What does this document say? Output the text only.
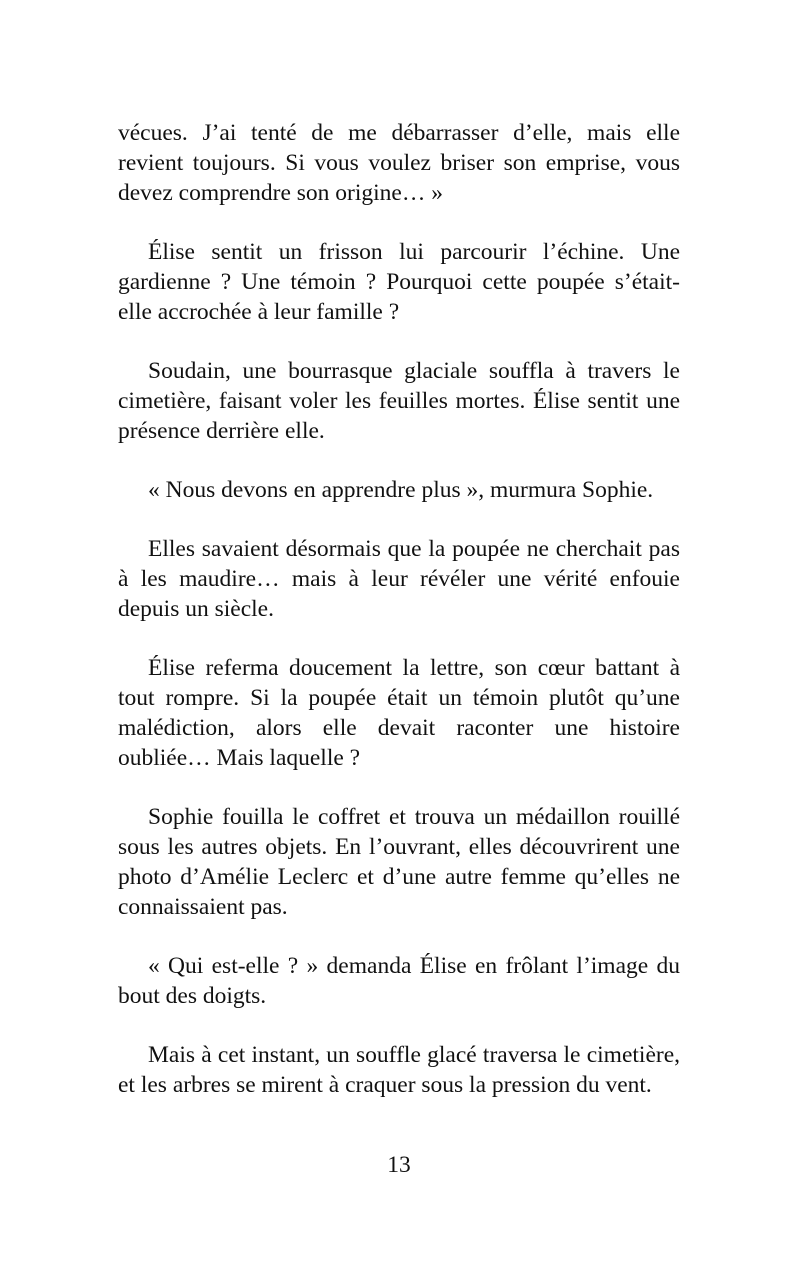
vécues. J’ai tenté de me débarrasser d’elle, mais elle revient toujours. Si vous voulez briser son emprise, vous devez comprendre son origine… »

Élise sentit un frisson lui parcourir l’échine. Une gardienne ? Une témoin ? Pourquoi cette poupée s’était-elle accrochée à leur famille ?

Soudain, une bourrasque glaciale souffla à travers le cimetière, faisant voler les feuilles mortes. Élise sentit une présence derrière elle.

« Nous devons en apprendre plus », murmura Sophie.

Elles savaient désormais que la poupée ne cherchait pas à les maudire… mais à leur révéler une vérité enfouie depuis un siècle.

Élise referma doucement la lettre, son cœur battant à tout rompre. Si la poupée était un témoin plutôt qu’une malédiction, alors elle devait raconter une histoire oubliée… Mais laquelle ?

Sophie fouilla le coffret et trouva un médaillon rouillé sous les autres objets. En l’ouvrant, elles découvrirent une photo d’Amélie Leclerc et d’une autre femme qu’elles ne connaissaient pas.

« Qui est-elle ? » demanda Élise en frôlant l’image du bout des doigts.

Mais à cet instant, un souffle glacé traversa le cimetière, et les arbres se mirent à craquer sous la pression du vent.

13
